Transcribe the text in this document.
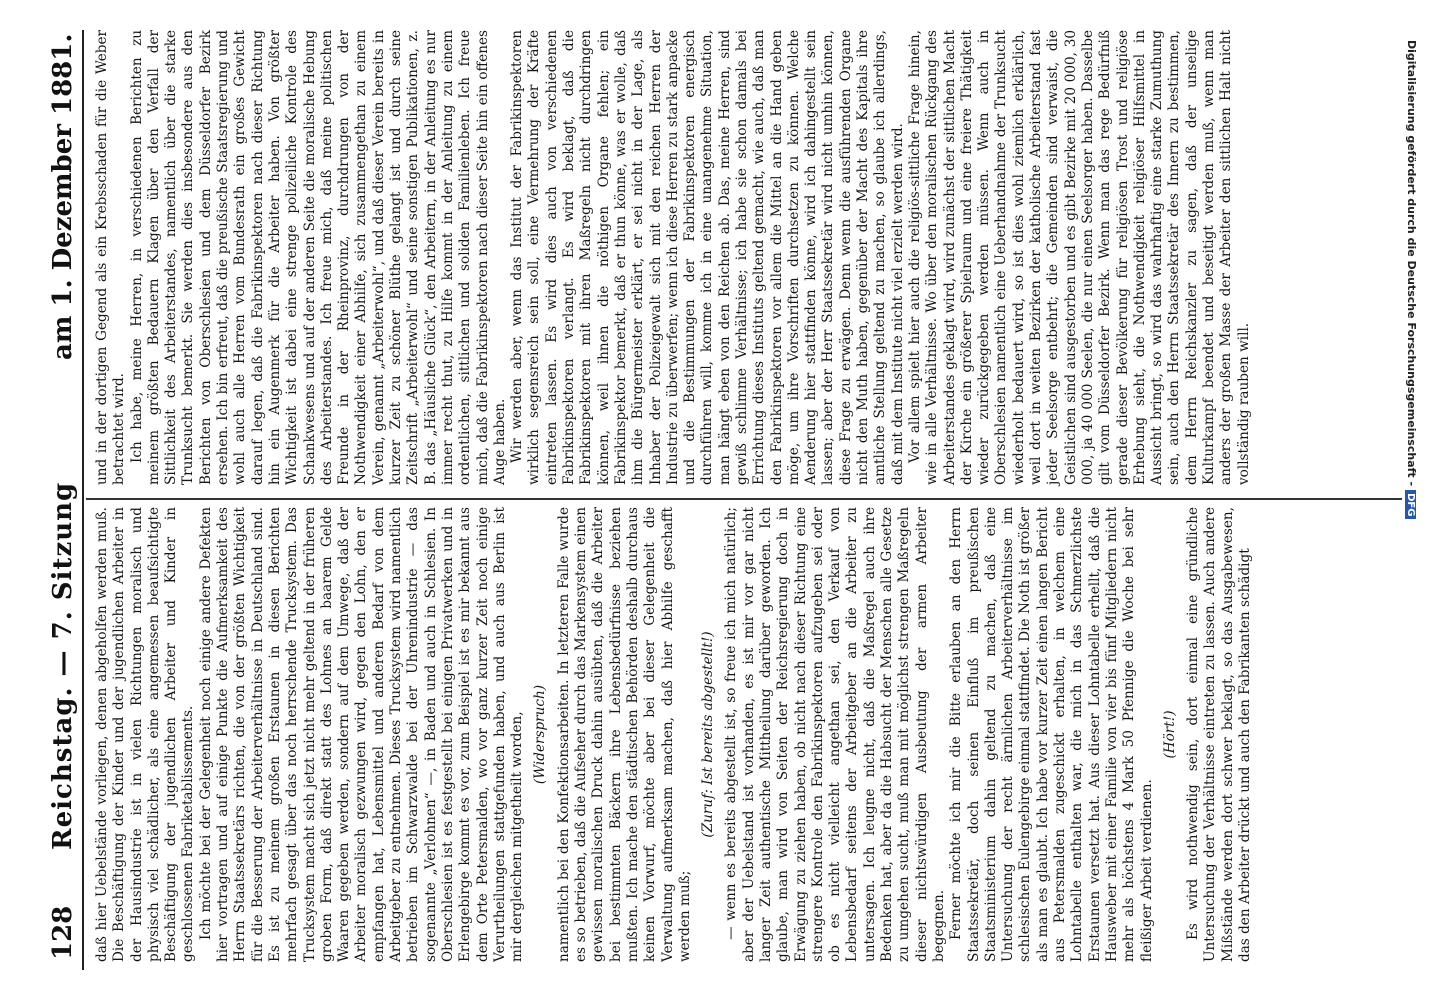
128
Reichstag. — 7. Sitzung
am 1. Dezember 1881.

daß hier Uebelstände vorliegen, denen abgeholfen werden muß. Die Beschäftigung der Kinder und der jugendlichen Arbeiter in der Hausindustrie ist in vielen Richtungen moralisch und physisch viel schädlicher, als eine angemessen beaufsichtigte Beschäftigung der jugendlichen Arbeiter und Kinder in geschlossenen Fabriketablissements. Ich möchte bei der Gelegenheit noch einige andere Defekten hier vortragen und auf einige Punkte die Aufmerksamkeit des Herrn Staatssekretärs richten, die von der größten Wichtigkeit für die Besserung der Arbeiterverhältnisse in Deutschland sind. Es ist zu meinem großen Erstaunen in diesen Berichten mehrfach gesagt über das noch herrschende Trucksystem. Das Trucksystem macht sich jetzt nicht mehr geltend in der früheren groben Form, daß direkt statt des Lohnes an baarem Gelde Waaren gegeben werden, sondern auf dem Umwege, daß der Arbeiter moralisch gezwungen wird, gegen den Lohn, den er empfangen hat, Lebensmittel und anderen Bedarf von dem Arbeitgeber zu entnehmen. Dieses Trucksystem wird namentlich betrieben im Schwarzwalde bei der Uhrenindustrie — das sogenannte „Verlohnen“ —, in Baden und auch in Schlesien. In Oberschlesien ist es festgestellt bei einigen Privatwerken und in Erlengebirge kommt es vor, zum Beispiel ist es mir bekannt aus dem Orte Petersmalden, wo vor ganz kurzer Zeit noch einige Verurtheilungen stattgefunden haben, und auch aus Berlin ist mir dergleichen mitgetheilt worden, (Widerspruch) namentlich bei den Konfektionsarbeiten. In letzteren Falle wurde es so betrieben, daß die Aufseher durch das Markensystem einen gewissen moralischen Druck dahin ausübten, daß die Arbeiter bei bestimmten Bäckern ihre Lebensbedürfnisse beziehen mußten. Ich mache den städtischen Behörden deshalb durchaus keinen Vorwurf, möchte aber bei dieser Gelegenheit die Verwaltung aufmerksam machen, daß hier Abhilfe geschafft werden muß;

(Zuruf: Ist bereits abgestellt!) — wenn es bereits abgestellt ist, so freue ich mich natürlich; aber der Uebelstand ist vorhanden, es ist mir vor gar nicht langer Zeit authentische Mittheilung darüber geworden. Ich glaube, man wird von Seiten der Reichsregierung doch in Erwägung zu ziehen haben, ob nicht nach dieser Richtung eine strengere Kontrole den Fabrikinspektoren aufzugeben sei oder ob es nicht vielleicht angethan sei, den Verkauf von Lebensbedarf seitens der Arbeitgeber an die Arbeiter zu untersagen. Ich leugne nicht, daß die Maßregel auch ihre Bedenken hat, aber da die Habsucht der Menschen alle Gesetze zu umgehen sucht, muß man mit möglichst strengen Maßregeln dieser nichtswürdigen Ausbeutung der armen Arbeiter begegnen. Ferner möchte ich mir die Bitte erlauben an den Herrn Staatssekretär, doch seinen Einfluß im preußischen Staatsministerium dahin geltend zu machen, daß eine Untersuchung der recht ärmlichen Arbeiterverhältnisse im schlesischen Eulengebirge einmal stattfindet. Die Noth ist größer als man es glaubt. Ich habe vor kurzer Zeit einen langen Bericht aus Petersmalden zugeschickt erhalten, in welchem eine Lohntabelle enthalten war, die mich in das Schmerzlichste Erstaunen versetzt hat. Aus dieser Lohntabelle erhellt, daß die Hausweber mit einer Familie von vier bis fünf Mitgliedern nicht mehr als höchstens 4 Mark 50 Pfennige die Woche bei sehr fleißiger Arbeit verdienen.

(Hört!) Es wird nothwendig sein, dort einmal eine gründliche Untersuchung der Verhältnisse eintreten zu lassen. Auch andere Mißstände werden dort schwer beklagt, so das Ausgabewesen, das den Arbeiter drückt und auch den Fabrikanten schädigt

und in der dortigen Gegend als ein Krebsschaden für die Weber betrachtet wird. Ich habe, meine Herren, in verschiedenen Berichten zu meinem größten Bedauern Klagen über den Verfall der Sittlichkeit des Arbeiterstandes, namentlich über die starke Trunksucht bemerkt. Sie werden dies insbesondere aus den Berichten von Oberschlesien und dem Düsseldorfer Bezirk ersehen. Ich bin erfreut, daß die preußische Staatsregierung und wohl auch alle Herren vom Bundesrath ein großes Gewicht darauf legen, daß die Fabrikinspektoren nach dieser Richtung hin ein Augenmerk für die Arbeiter haben. Von größter Wichtigkeit ist dabei eine strenge polizeiliche Kontrole des Schankwesens und auf der anderen Seite die moralische Hebung des Arbeiterstandes. Ich freue mich, daß meine politischen Freunde in der Rheinprovinz, durchdrungen von der Nothwendigkeit einer Abhilfe, sich zusammengethan zu einem Verein, genannt „Arbeiterwohl“, und daß dieser Verein bereits in kurzer Zeit zu schöner Blüthe gelangt ist und durch seine Zeitschrift „Arbeiterwohl“ und seine sonstigen Publikationen, z. B. das „Häusliche Glück“, den Arbeitern, in der Anleitung es nur immer recht thut, zu Hilfe kommt in der Anleitung zu einem ordentlichen, sittlichen und soliden Familienleben. Ich freue mich, daß die Fabrikinspektoren nach dieser Seite hin ein offenes Auge haben. Wir werden aber, wenn das Institut der Fabrikinspektoren wirklich segensreich sein soll, eine Vermehrung der Kräfte eintreten lassen. Es wird dies auch von verschiedenen Fabrikinspektoren verlangt. Es wird beklagt, daß die Fabrikinspektoren mit ihren Maßregeln nicht durchdringen können, weil ihnen die nöthigen Organe fehlen; ein Fabrikinspektor bemerkt, daß er thun könne, was er wolle, daß ihm die Bürgermeister erklärt, er sei nicht in der Lage, als Inhaber der Polizeigewalt sich mit den reichen Herren der Industrie zu überwerfen; wenn ich diese Herren zu stark anpacke und die Bestimmungen der Fabrikinspektoren energisch durchführen will, komme ich in eine unangenehme Situation, man hängt eben von den Reichen ab. Das, meine Herren, sind gewiß schlimme Verhältnisse; ich habe sie schon damals bei Errichtung dieses Instituts geltend gemacht, wie auch, daß man den Fabrikinspektoren vor allem die Mittel an die Hand geben möge, um ihre Vorschriften durchsetzen zu können. Welche Aenderung hier stattfinden könne, wird ich dahingestellt sein lassen; aber der Herr Staatssekretär wird nicht umhin können, diese Frage zu erwägen. Denn wenn die ausführenden Organe nicht den Muth haben, gegenüber der Macht des Kapitals ihre amtliche Stellung geltend zu machen, so glaube ich allerdings, daß mit dem Institute nicht viel erzielt werden wird. Vor allem spielt hier auch die religiös-sittliche Frage hinein, wie in alle Verhältnisse. Wo über den moralischen Rückgang des Arbeiterstandes geklagt wird, wird zunächst der sittlichen Macht der Kirche ein größerer Spielraum und eine freiere Thätigkeit wieder zurückgegeben werden müssen. Wenn auch in Oberschlesien namentlich eine Ueberhandnahme der Trunksucht wiederholt bedauert wird, so ist dies wohl ziemlich erklärlich, weil dort in weiten Bezirken der katholische Arbeiterstand fast jeder Seelsorge entbehrt; die Gemeinden sind verwaist, die Geistlichen sind ausgestorben und es gibt Bezirke mit 20 000, 30 000, ja 40 000 Seelen, die nur einen Seelsorger haben. Dasselbe gilt vom Düsseldorfer Bezirk. Wenn man das rege Bedürfniß gerade dieser Bevölkerung für religiösen Trost und religiöse Erhebung sieht, die Nothwendigkeit religiöser Hilfsmittel in Aussicht bringt, so wird das wahrhaftig eine starke Zumuthung sein, auch den Herrn Staatssekretär des Innern zu bestimmen, dem Herrn Reichskanzler zu sagen, daß der unselige Kulturkampf beendet und beseitigt werden muß, wenn man anders der großen Masse der Arbeiter den sittlichen Halt nicht vollständig rauben will.	Digitalisierung gefördert durch die Deutsche Forschungsgemeinschaft -DFG
